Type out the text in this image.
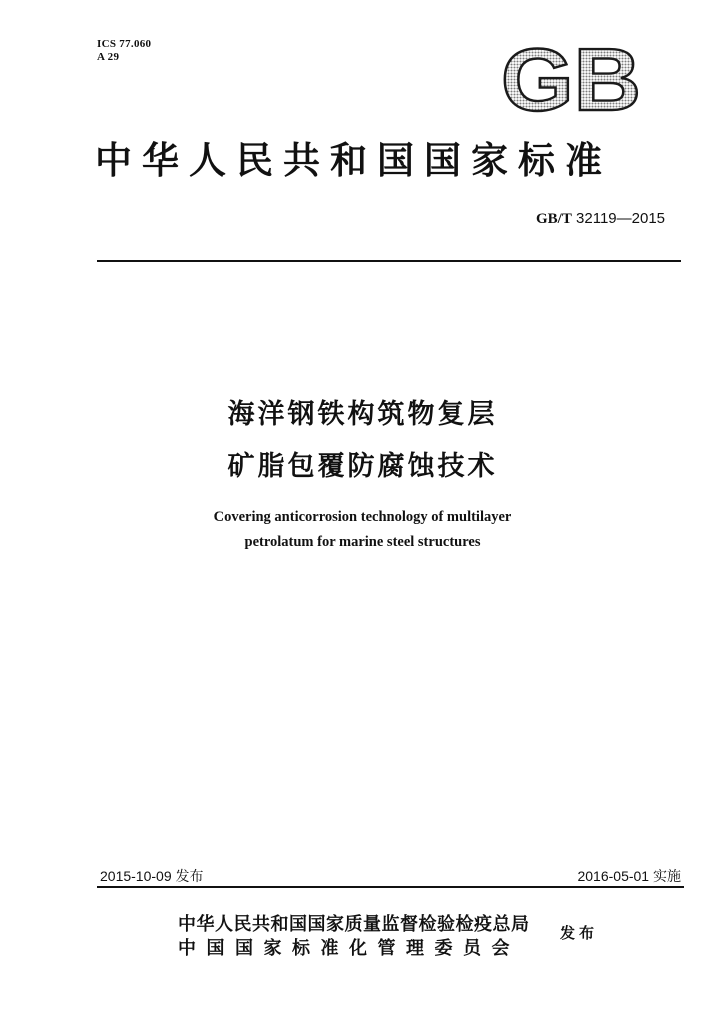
ICS 77.060
A 29	GB
中华人民共和国国家标准
GB/T 32119—2015
海洋钢铁构筑物复层
矿脂包覆防腐蚀技术
Covering anticorrosion technology of multilayer
petrolatum for marine steel structures
2015-10-09 发布	2016-05-01 实施
中华人民共和国国家质量监督检验检疫总局
中国国家标准化管理委员会
发布
